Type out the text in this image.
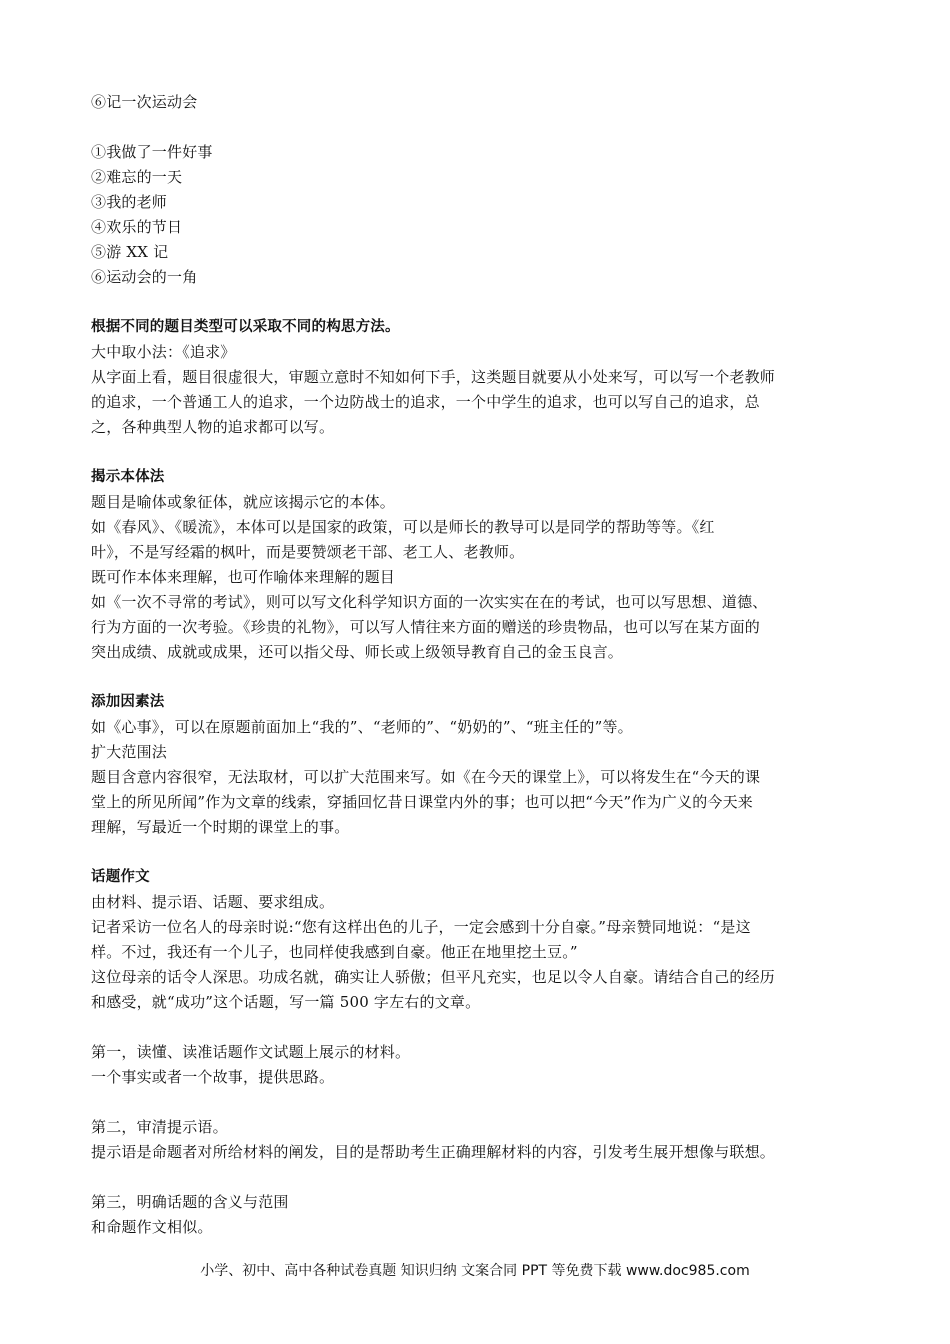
⑥记一次运动会
①我做了一件好事
②难忘的一天
③我的老师
④欢乐的节日
⑤游 XX 记
⑥运动会的一角
根据不同的题目类型可以采取不同的构思方法。
大中取小法：《追求》
从字面上看，题目很虚很大，审题立意时不知如何下手，这类题目就要从小处来写，可以写一个老教师
的追求，一个普通工人的追求，一个边防战士的追求，一个中学生的追求，也可以写自己的追求，总
之，各种典型人物的追求都可以写。
揭示本体法
题目是喻体或象征体，就应该揭示它的本体。
如《春风》、《暖流》，本体可以是国家的政策，可以是师长的教导可以是同学的帮助等等。《红
叶》，不是写经霜的枫叶，而是要赞颂老干部、老工人、老教师。
既可作本体来理解，也可作喻体来理解的题目
如《一次不寻常的考试》，则可以写文化科学知识方面的一次实实在在的考试，也可以写思想、道德、
行为方面的一次考验。《珍贵的礼物》，可以写人情往来方面的赠送的珍贵物品，也可以写在某方面的
突出成绩、成就或成果，还可以指父母、师长或上级领导教育自己的金玉良言。
添加因素法
如《心事》，可以在原题前面加上“我的”、“老师的”、“奶奶的”、“班主任的”等。
扩大范围法
题目含意内容很窄，无法取材，可以扩大范围来写。如《在今天的课堂上》，可以将发生在“今天的课
堂上的所见所闻”作为文章的线索，穿插回忆昔日课堂内外的事；也可以把“今天”作为广义的今天来
理解，写最近一个时期的课堂上的事。
话题作文
由材料、提示语、话题、要求组成。
记者采访一位名人的母亲时说:“您有这样出色的儿子，一定会感到十分自豪。”母亲赞同地说：“是这
样。不过，我还有一个儿子，也同样使我感到自豪。他正在地里挖土豆。”
这位母亲的话令人深思。功成名就，确实让人骄傲；但平凡充实，也足以令人自豪。请结合自己的经历
和感受，就“成功”这个话题，写一篇 500 字左右的文章。
第一，读懂、读准话题作文试题上展示的材料。
一个事实或者一个故事，提供思路。
第二，审清提示语。
提示语是命题者对所给材料的阐发，目的是帮助考生正确理解材料的内容，引发考生展开想像与联想。
第三，明确话题的含义与范围
和命题作文相似。
小学、初中、高中各种试卷真题 知识归纳 文案合同 PPT 等免费下载 www.doc985.com
